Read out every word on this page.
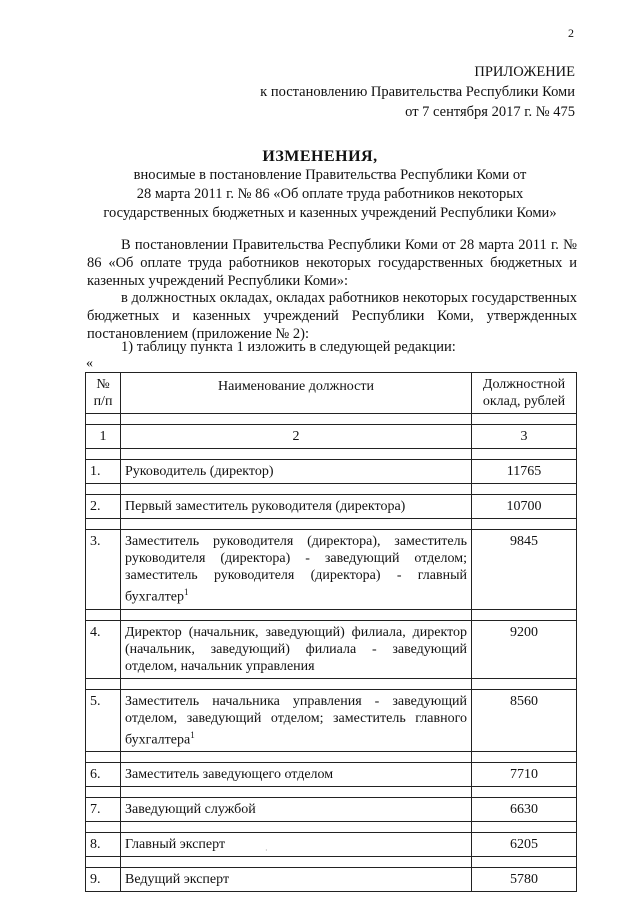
2
ПРИЛОЖЕНИЕ
к постановлению Правительства Республики Коми
от 7 сентября 2017 г. № 475
ИЗМЕНЕНИЯ,
вносимые в постановление Правительства Республики Коми от
28 марта 2011 г. № 86 «Об оплате труда работников некоторых
государственных бюджетных и казенных учреждений Республики Коми»

В постановлении Правительства Республики Коми от 28 марта 2011 г. № 86 «Об оплате труда работников некоторых государственных бюджетных и казенных учреждений Республики Коми»:

в должностных окладах, окладах работников некоторых государственных бюджетных и казенных учреждений Республики Коми, утвержденных постановлением (приложение № 2):

1) таблицу пункта 1 изложить в следующей редакции:

«
№ п/п	Наименование должности	Должностной оклад, рублей

1	2	3

1.	Руководитель (директор)	11765

2.	Первый заместитель руководителя (директора)	10700

3.	Заместитель руководителя (директора), заместитель руководителя (директора) - заведующий отделом; заместитель руководителя (директора) - главный бухгалтер$^1$	9845

4.	Директор (начальник, заведующий) филиала, директор (начальник, заведующий) филиала - заведующий отделом, начальник управления	9200

5.	Заместитель начальника управления - заведующий отделом, заведующий отделом; заместитель главного бухгалтера$^1$	8560

6.	Заместитель заведующего отделом	7710

7.	Заведующий службой	6630

8.	Главный эксперт	6205

9.	Ведущий эксперт	5780
·
